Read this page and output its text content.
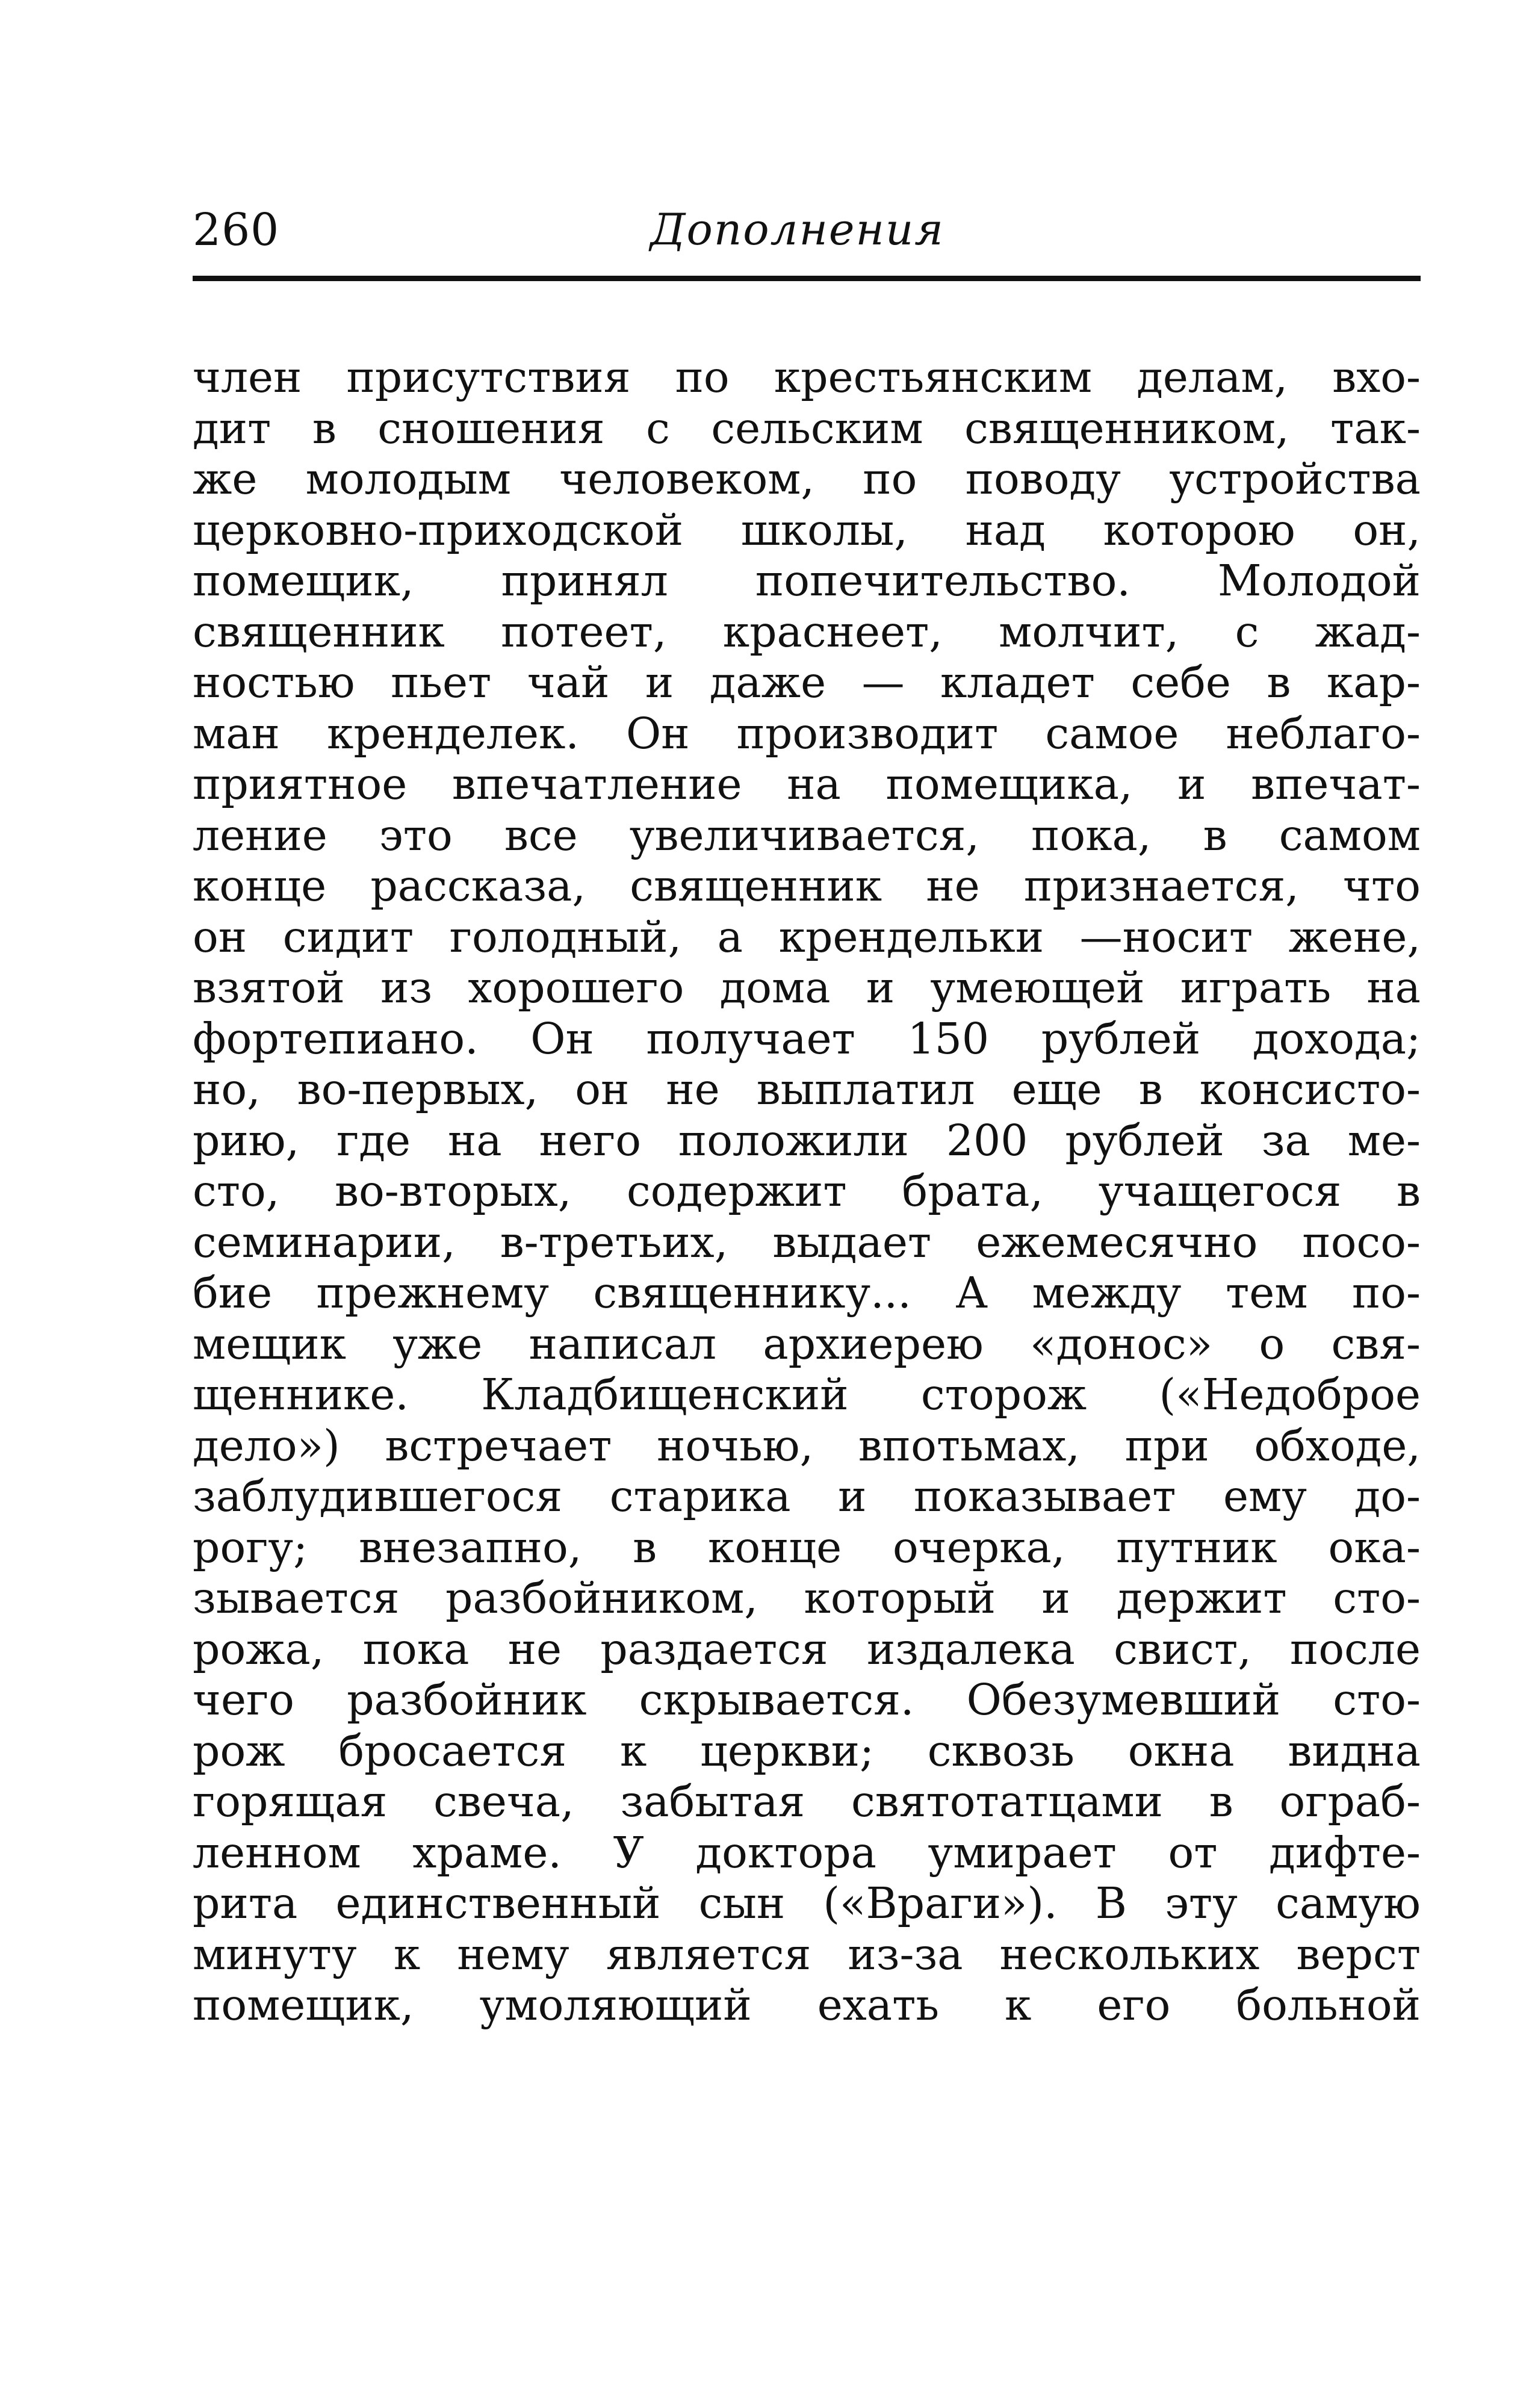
260	Дополнения
член присутствия по крестьянским делам, вхо-
дит в сношения с сельским священником, так-
же молодым человеком, по поводу устройства
церковно-приходской школы, над которою он,
помещик, принял попечительство. Молодой
священник потеет, краснеет, молчит, с жад-
ностью пьет чай и даже — кладет себе в кар-
ман кренделек. Он производит самое неблаго-
приятное впечатление на помещика, и впечат-
ление это все увеличивается, пока, в самом
конце рассказа, священник не признается, что
он сидит голодный, а крендельки —носит жене,
взятой из хорошего дома и умеющей играть на
фортепиано. Он получает 150 рублей дохода;
но, во-первых, он не выплатил еще в консисто-
рию, где на него положили 200 рублей за ме-
сто, во-вторых, содержит брата, учащегося в
семинарии, в-третьих, выдает ежемесячно посо-
бие прежнему священнику... А между тем по-
мещик уже написал архиерею «донос» о свя-
щеннике. Кладбищенский сторож («Недоброе
дело») встречает ночью, впотьмах, при обходе,
заблудившегося старика и показывает ему до-
рогу; внезапно, в конце очерка, путник ока-
зывается разбойником, который и держит сто-
рожа, пока не раздается издалека свист, после
чего разбойник скрывается. Обезумевший сто-
рож бросается к церкви; сквозь окна видна
горящая свеча, забытая святотатцами в ограб-
ленном храме. У доктора умирает от дифте-
рита единственный сын («Враги»). В эту самую
минуту к нему является из-за нескольких верст
помещик, умоляющий ехать к его больной
